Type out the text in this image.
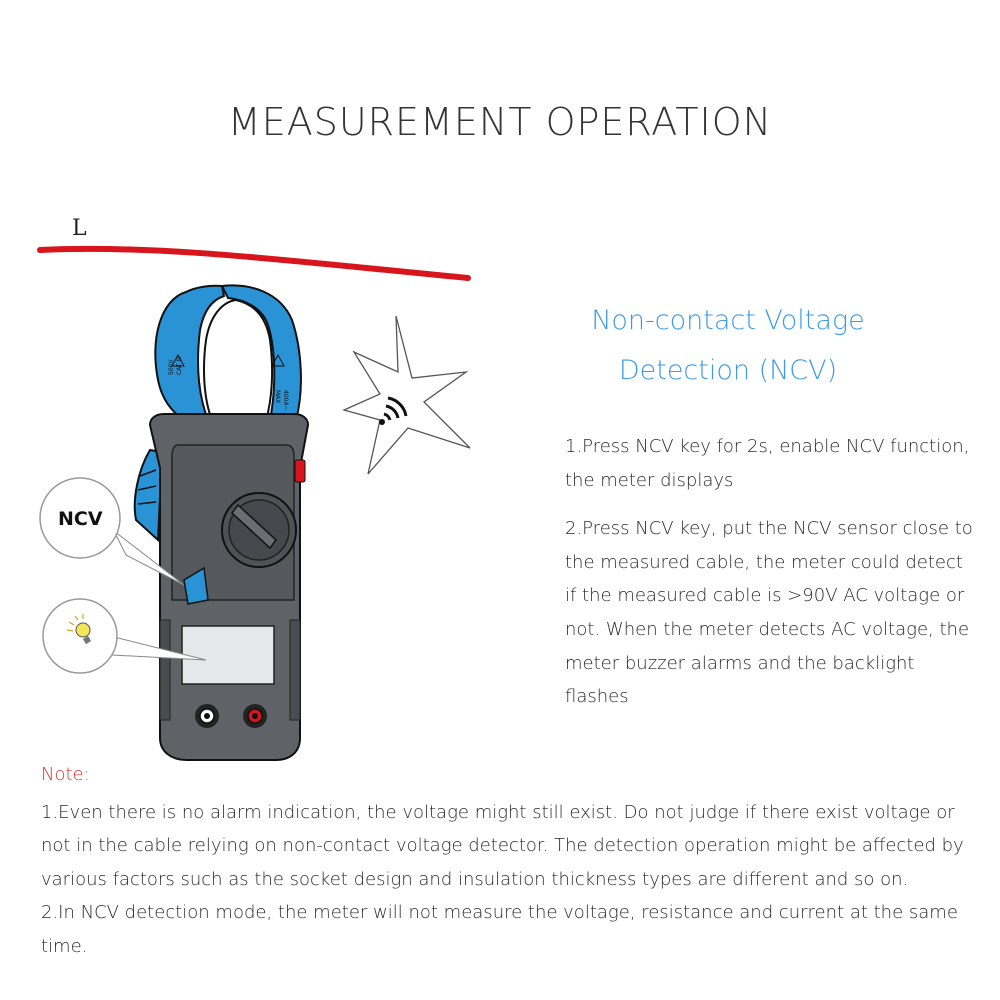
MEASUREMENT OPERATION
500V CAT III
MAX 400A~
NCV
L
Non-contact Voltage
Detection (NCV)

1.Press NCV key for 2s, enable NCV function, the meter displays

2.Press NCV key, put the NCV sensor close to the measured cable, the meter could detect if the measured cable is >90V AC voltage or not. When the meter detects AC voltage, the meter buzzer alarms and the backlight flashes

Note:

1.Even there is no alarm indication, the voltage might still exist. Do not judge if there exist voltage or not in the cable relying on non-contact voltage detector. The detection operation might be affected by various factors such as the socket design and insulation thickness types are different and so on.

2.In NCV detection mode, the meter will not measure the voltage, resistance and current at the same time.
